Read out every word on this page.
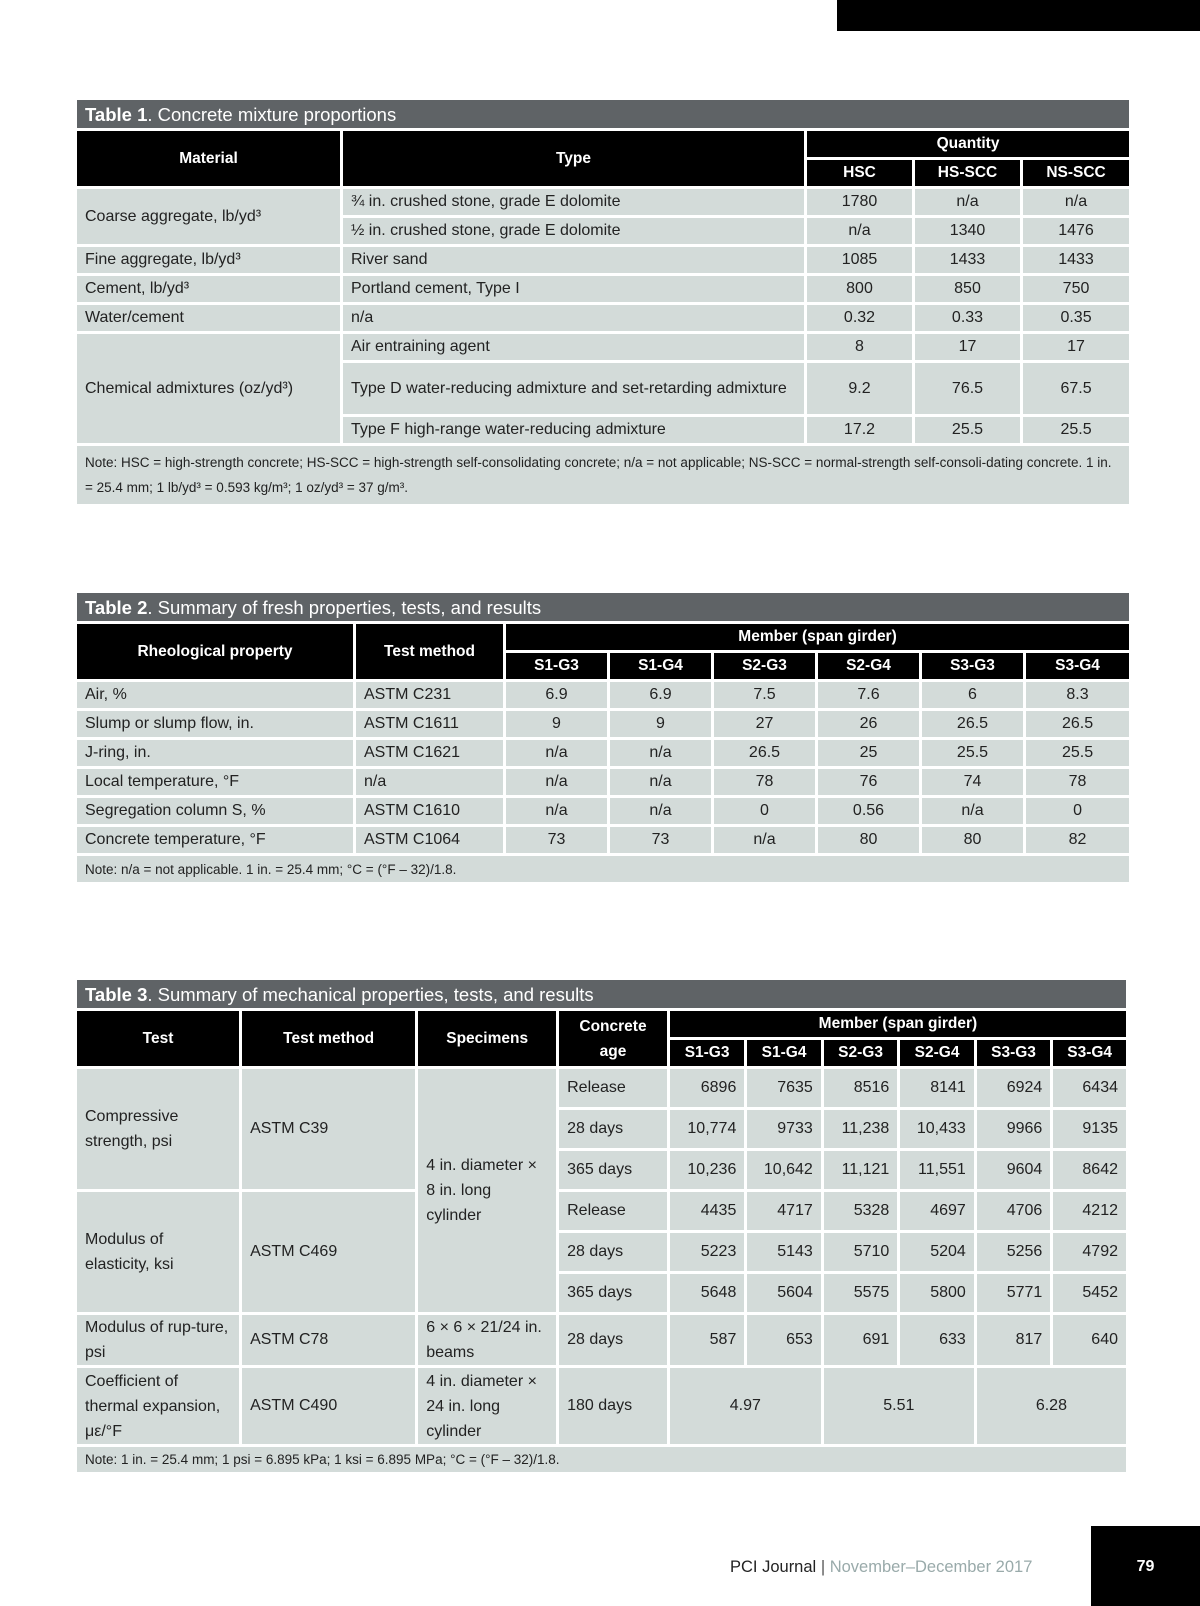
Table 1. Concrete mixture proportions				
Material	Type	Quantity		
		HSC	HS-SCC	NS-SCC
Coarse aggregate, lb/yd³	¾ in. crushed stone, grade E dolomite	1780	n/a	n/a
	½ in. crushed stone, grade E dolomite	n/a	1340	1476
Fine aggregate, lb/yd³	River sand	1085	1433	1433
Cement, lb/yd³	Portland cement, Type I	800	850	750
Water/cement	n/a	0.32	0.33	0.35
Chemical admixtures (oz/yd³)	Air entraining agent	8	17	17
	Type D water-reducing admixture and set-retarding admixture	9.2	76.5	67.5
	Type F high-range water-reducing admixture	17.2	25.5	25.5
Note: HSC = high-strength concrete; HS-SCC = high-strength self-consolidating concrete; n/a = not applicable; NS-SCC = normal-strength self-consoli-dating concrete. 1 in. = 25.4 mm; 1 lb/yd³ = 0.593 kg/m³; 1 oz/yd³ = 37 g/m³.				
Table 2. Summary of fresh properties, tests, and results							
Rheological property	Test method	Member (span girder)					
		S1-G3	S1-G4	S2-G3	S2-G4	S3-G3	S3-G4
Air, %	ASTM C231	6.9	6.9	7.5	7.6	6	8.3
Slump or slump flow, in.	ASTM C1611	9	9	27	26	26.5	26.5
J-ring, in.	ASTM C1621	n/a	n/a	26.5	25	25.5	25.5
Local temperature, °F	n/a	n/a	n/a	78	76	74	78
Segregation column S, %	ASTM C1610	n/a	n/a	0	0.56	n/a	0
Concrete temperature, °F	ASTM C1064	73	73	n/a	80	80	82
Note: n/a = not applicable. 1 in. = 25.4 mm; °C = (°F – 32)/1.8.							
Table 3. Summary of mechanical properties, tests, and results									
Test	Test method	Specimens	Concrete age	Member (span girder)					
				S1-G3	S1-G4	S2-G3	S2-G4	S3-G3	S3-G4
Compressive strength, psi	ASTM C39	4 in. diameter × 8 in. long cylinder	Release	6896	7635	8516	8141	6924	6434
			28 days	10,774	9733	11,238	10,433	9966	9135
			365 days	10,236	10,642	11,121	11,551	9604	8642
Modulus of elasticity, ksi	ASTM C469		Release	4435	4717	5328	4697	4706	4212
			28 days	5223	5143	5710	5204	5256	4792
			365 days	5648	5604	5575	5800	5771	5452
Modulus of rup-ture, psi	ASTM C78	6 × 6 × 21/24 in. beams	28 days	587	653	691	633	817	640
Coefficient of thermal expansion, με/°F	ASTM C490	4 in. diameter × 24 in. long cylinder	180 days	4.97		5.51		6.28	
Note: 1 in. = 25.4 mm; 1 psi = 6.895 kPa; 1 ksi = 6.895 MPa; °C = (°F – 32)/1.8.									
PCI Journal | November–December 2017	79
